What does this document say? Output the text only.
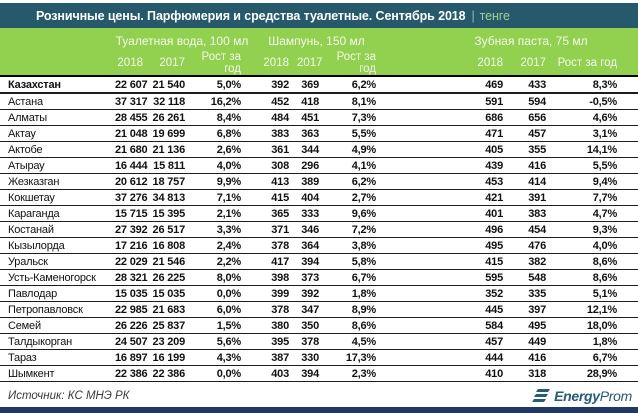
Розничные цены. Парфюмерия и средства туалетные. Сентябрь 2018 | тенге
	Туалетная вода, 100 мл			Шампунь, 150 мл			Зубная паста, 75 мл		
	2018	2017	Рост за год	2018	2017	Рост за год	2018	2017	Рост за год
Казахстан	22 607	21 540	5,0%	392	369	6,2%	469	433	8,3%
Астана	37 317	32 118	16,2%	452	418	8,1%	591	594	-0,5%
Алматы	28 455	26 261	8,4%	484	451	7,3%	686	656	4,6%
Актау	21 048	19 699	6,8%	383	363	5,5%	471	457	3,1%
Актобе	21 680	21 136	2,6%	361	344	4,9%	405	355	14,1%
Атырау	16 444	15 811	4,0%	308	296	4,1%	439	416	5,5%
Жезказган	20 612	18 757	9,9%	413	389	6,2%	453	414	9,4%
Кокшетау	37 276	34 813	7,1%	415	404	2,7%	421	391	7,7%
Караганда	15 715	15 395	2,1%	365	333	9,6%	401	383	4,7%
Костанай	27 392	26 517	3,3%	371	346	7,2%	496	454	9,3%
Кызылорда	17 216	16 808	2,4%	378	364	3,8%	495	476	4,0%
Уральск	22 029	21 546	2,2%	417	394	5,8%	415	382	8,6%
Усть-Каменогорск	28 321	26 225	8,0%	398	373	6,7%	595	548	8,6%
Павлодар	15 035	15 035	0,0%	399	392	1,8%	352	335	5,1%
Петропавловск	22 985	21 683	6,0%	378	347	8,9%	445	397	12,1%
Семей	26 226	25 837	1,5%	380	350	8,6%	584	495	18,0%
Талдыкорган	24 507	23 209	5,6%	395	378	4,5%	457	449	1,8%
Тараз	16 897	16 199	4,3%	387	330	17,3%	444	416	6,7%
Шымкент	22 386	22 386	0,0%	403	394	2,3%	410	318	28,9%
Источник: КС МНЭ РК	EnergyProm
